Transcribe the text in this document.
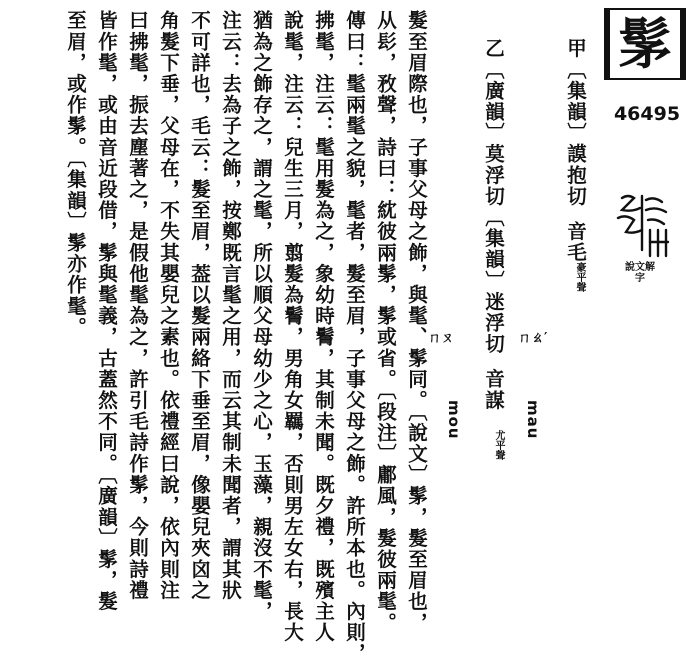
髳
46495
說文解字
甲〔集韻〕謨抱切音毛
豪平聲
ㄇㄠ′
mau
乙〔廣韻〕莫浮切〔集韻〕迷浮切音謀
尤平聲
ㄇㄡ
mou
髮至眉際也，子事父母之飾，與髦、髳同。〔說文〕髳，髮至眉也，
从髟，敄聲，詩曰：紞彼兩髳，髳或省。〔段注〕鄘風，髮彼兩髦。
傳曰：髦兩髦之貌，髦者，髮至眉，子事父母之飾。許所本也。內則，
拂髦，注云：髦用髮為之，象幼時鬌，其制未聞。既夕禮，既殯主人
說髦，注云：兒生三月，翦髮為鬌，男角女羈，否則男左女右，長大
猶為之飾存之，謂之髦，所以順父母幼少之心，玉藻，親沒不髦，
注云：去為子之飾，按鄭既言髦之用，而云其制未聞者，謂其狀
不可詳也，毛云：髮至眉，葢以髮兩絡下垂至眉，像嬰兒夾囟之
角髮下垂，父母在，不失其嬰兒之素也。依禮經曰說，依內則注
曰拂髦，振去塵著之，是假他髦為之，許引毛詩作髳，今則詩禮
皆作髦，或由音近段借，髳與髦義，古蓋然不同。〔廣韻〕髳，髮
至眉，或作髳。〔集韻〕髳亦作髦。
